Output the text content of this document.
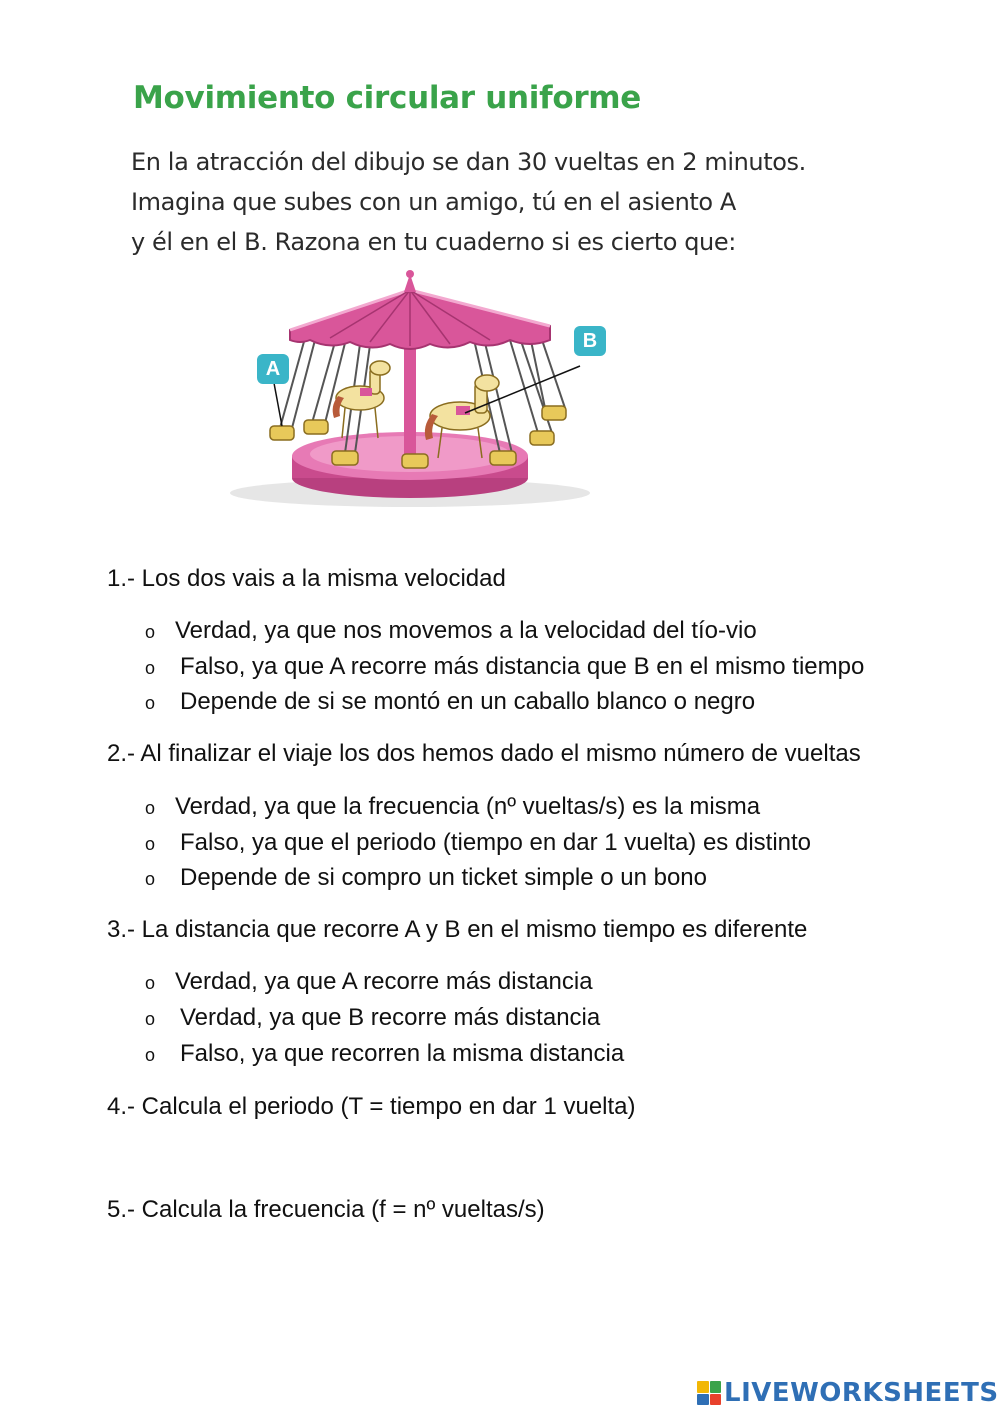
Movimiento circular uniforme

En la atracción del dibujo se dan 30 vueltas en 2 minutos.

Imagina que subes con un amigo, tú en el asiento A

y él en el B. Razona en tu cuaderno si es cierto que:

A
B
1.- Los dos vais a la misma velocidad
o Verdad, ya que nos movemos a la velocidad del tío-vio
o	Falso, ya que A recorre más distancia que B en el mismo tiempo
o	Depende de si se montó en un caballo blanco o negro
2.- Al finalizar el viaje los dos hemos dado el mismo número de vueltas
o Verdad, ya que la frecuencia (nº vueltas/s) es la misma
o	Falso, ya que el periodo (tiempo en dar 1 vuelta) es distinto
o	Depende de si compro un ticket simple o un bono
3.- La distancia que recorre A y B en el mismo tiempo es diferente
o Verdad, ya que A recorre más distancia
o	Verdad, ya que B recorre más distancia
o	Falso, ya que recorren la misma distancia
4.- Calcula el periodo (T = tiempo en dar 1 vuelta)
5.- Calcula la frecuencia (f = nº vueltas/s)
LIVEWORKSHEETS
